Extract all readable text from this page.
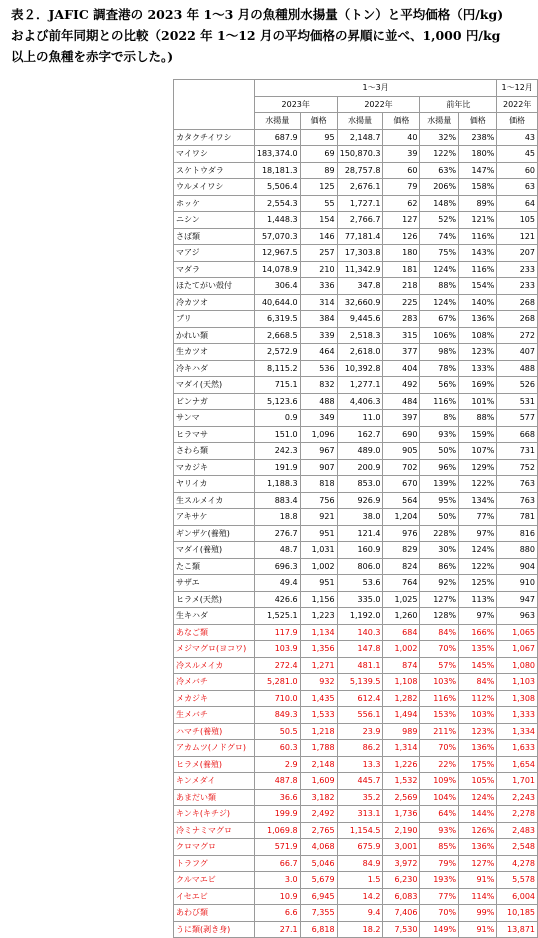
表２．JAFIC 調査港の 2023 年 1～3 月の魚種別水揚量（トン）と平均価格（円/kg)
および前年同期との比較（2022 年 1～12 月の平均価格の昇順に並べ、1,000 円/kg
以上の魚種を赤字で示した。)
	1～3月						1～12月
	2023年		2022年		前年比		2022年
	水揚量	価格	水揚量	価格	水揚量	価格	価格
カタクチイワシ	687.9	95	2,148.7	40	32%	238%	43
マイワシ	183,374.0	69	150,870.3	39	122%	180%	45
スケトウダラ	18,181.3	89	28,757.8	60	63%	147%	60
ウルメイワシ	5,506.4	125	2,676.1	79	206%	158%	63
ホッケ	2,554.3	55	1,727.1	62	148%	89%	64
ニシン	1,448.3	154	2,766.7	127	52%	121%	105
さば類	57,070.3	146	77,181.4	126	74%	116%	121
マアジ	12,967.5	257	17,303.8	180	75%	143%	207
マダラ	14,078.9	210	11,342.9	181	124%	116%	233
ほたてがい殻付	306.4	336	347.8	218	88%	154%	233
冷カツオ	40,644.0	314	32,660.9	225	124%	140%	268
ブリ	6,319.5	384	9,445.6	283	67%	136%	268
かれい類	2,668.5	339	2,518.3	315	106%	108%	272
生カツオ	2,572.9	464	2,618.0	377	98%	123%	407
冷キハダ	8,115.2	536	10,392.8	404	78%	133%	488
マダイ(天然)	715.1	832	1,277.1	492	56%	169%	526
ビンナガ	5,123.6	488	4,406.3	484	116%	101%	531
サンマ	0.9	349	11.0	397	8%	88%	577
ヒラマサ	151.0	1,096	162.7	690	93%	159%	668
さわら類	242.3	967	489.0	905	50%	107%	731
マカジキ	191.9	907	200.9	702	96%	129%	752
ヤリイカ	1,188.3	818	853.0	670	139%	122%	763
生スルメイカ	883.4	756	926.9	564	95%	134%	763
アキサケ	18.8	921	38.0	1,204	50%	77%	781
ギンザケ(養殖)	276.7	951	121.4	976	228%	97%	816
マダイ(養殖)	48.7	1,031	160.9	829	30%	124%	880
たこ類	696.3	1,002	806.0	824	86%	122%	904
サザエ	49.4	951	53.6	764	92%	125%	910
ヒラメ(天然)	426.6	1,156	335.0	1,025	127%	113%	947
生キハダ	1,525.1	1,223	1,192.0	1,260	128%	97%	963
あなご類	117.9	1,134	140.3	684	84%	166%	1,065
メジマグロ(ヨコワ)	103.9	1,356	147.8	1,002	70%	135%	1,067
冷スルメイカ	272.4	1,271	481.1	874	57%	145%	1,080
冷メバチ	5,281.0	932	5,139.5	1,108	103%	84%	1,103
メカジキ	710.0	1,435	612.4	1,282	116%	112%	1,308
生メバチ	849.3	1,533	556.1	1,494	153%	103%	1,333
ハマチ(養殖)	50.5	1,218	23.9	989	211%	123%	1,334
アカムツ(ノドグロ)	60.3	1,788	86.2	1,314	70%	136%	1,633
ヒラメ(養殖)	2.9	2,148	13.3	1,226	22%	175%	1,654
キンメダイ	487.8	1,609	445.7	1,532	109%	105%	1,701
あまだい類	36.6	3,182	35.2	2,569	104%	124%	2,243
キンキ(キチジ)	199.9	2,492	313.1	1,736	64%	144%	2,278
冷ミナミマグロ	1,069.8	2,765	1,154.5	2,190	93%	126%	2,483
クロマグロ	571.9	4,068	675.9	3,001	85%	136%	2,548
トラフグ	66.7	5,046	84.9	3,972	79%	127%	4,278
クルマエビ	3.0	5,679	1.5	6,230	193%	91%	5,578
イセエビ	10.9	6,945	14.2	6,083	77%	114%	6,004
あわび類	6.6	7,355	9.4	7,406	70%	99%	10,185
うに類(剥き身)	27.1	6,818	18.2	7,530	149%	91%	13,871
